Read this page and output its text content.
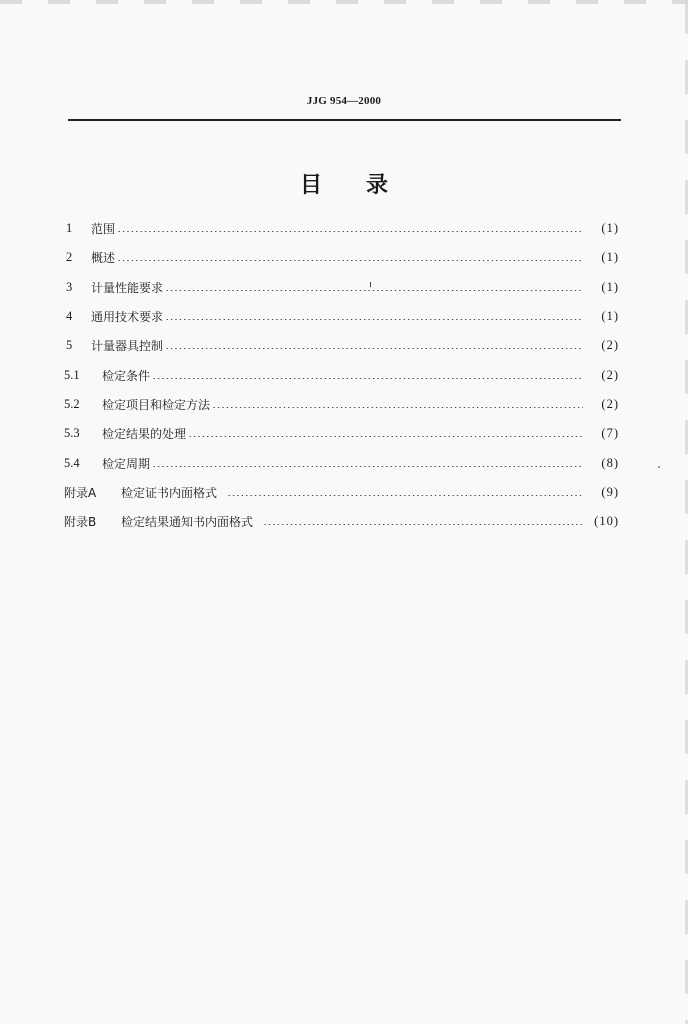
JJG 954—2000
目录
1	范围	(1)
2	概述	(1)
3	计量性能要求	(1)
4	通用技术要求	(1)
5	计量器具控制	(2)
5.1	检定条件	(2)
5.2	检定项目和检定方法	(2)
5.3	检定结果的处理	(7)
5.4	检定周期	(8)
附录A	检定证书内面格式	(9)
附录B	检定结果通知书内面格式	(10)
